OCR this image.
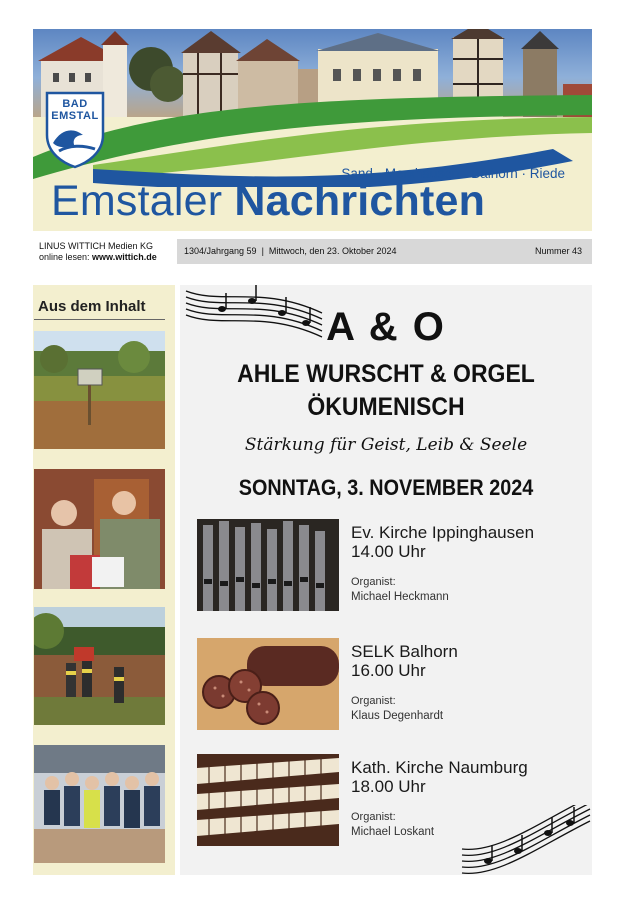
BAD
EMSTAL
Sand · Merxhausen · Balhorn · Riede
Emstaler Nachrichten
LINUS WITTICH Medien KG
online lesen: www.wittich.de
1304/Jahrgang 59  |  Mittwoch, den 23. Oktober 2024	Nummer 43
Aus dem Inhalt	A & O
AHLE WURSCHT & ORGEL
ÖKUMENISCH
Stärkung für Geist, Leib & Seele
SONNTAG, 3. NOVEMBER 2024
Ev. Kirche Ippinghausen
14.00 Uhr
Organist:
Michael Heckmann
SELK Balhorn
16.00 Uhr
Organist:
Klaus Degenhardt
Kath. Kirche Naumburg
18.00 Uhr
Organist:
Michael Loskant
